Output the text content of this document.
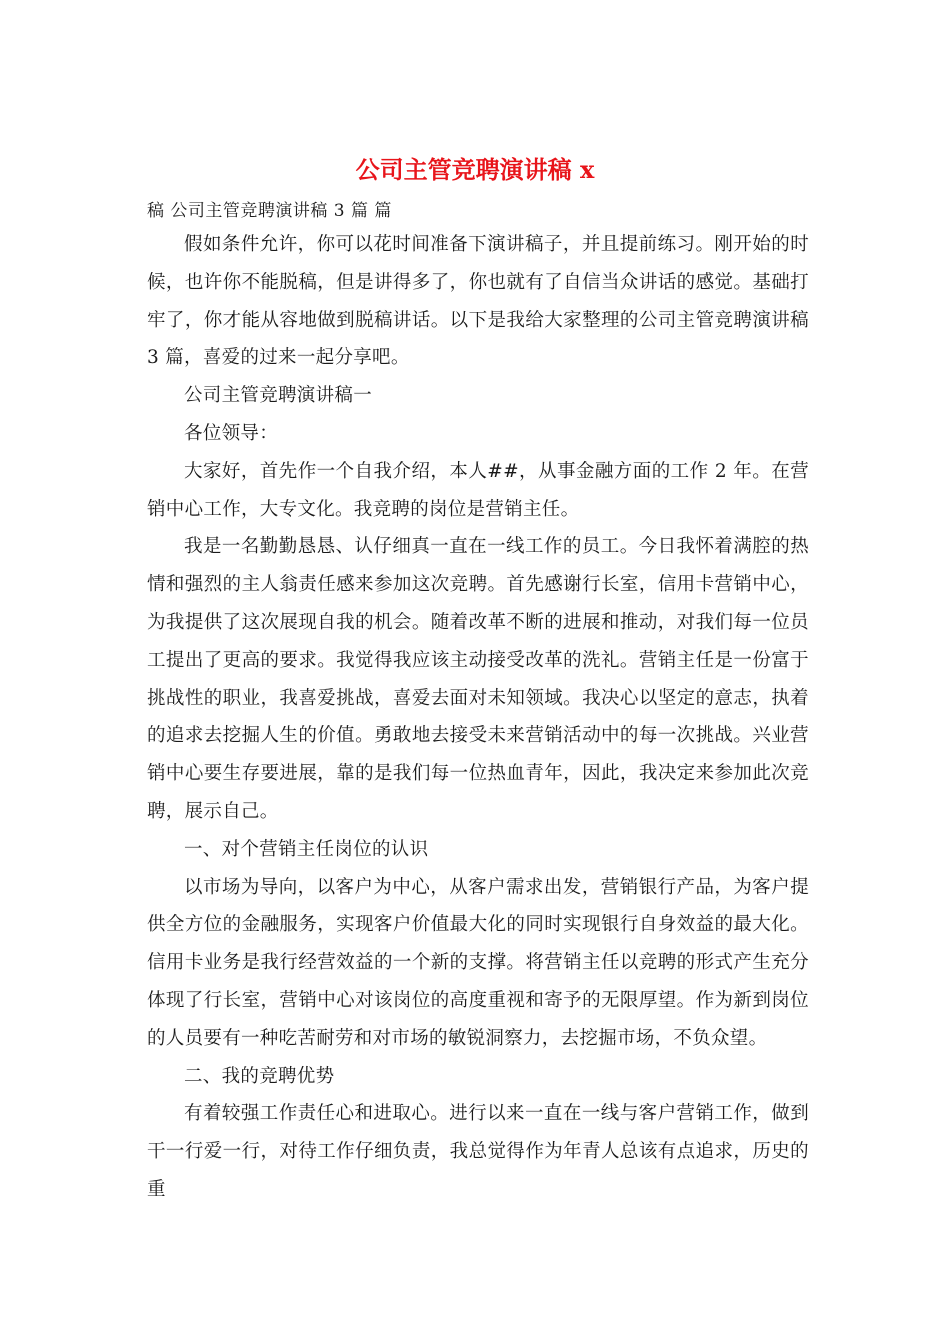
公司主管竞聘演讲稿 x
稿 公司主管竞聘演讲稿 3 篇 篇

假如条件允许，你可以花时间准备下演讲稿子，并且提前练习。刚开始的时候，也许你不能脱稿，但是讲得多了，你也就有了自信当众讲话的感觉。基础打牢了，你才能从容地做到脱稿讲话。以下是我给大家整理的公司主管竞聘演讲稿3 篇，喜爱的过来一起分享吧。

公司主管竞聘演讲稿一

各位领导：

大家好，首先作一个自我介绍，本人##，从事金融方面的工作 2 年。在营销中心工作，大专文化。我竞聘的岗位是营销主任。

我是一名勤勤恳恳、认仔细真一直在一线工作的员工。今日我怀着满腔的热情和强烈的主人翁责任感来参加这次竞聘。首先感谢行长室，信用卡营销中心，为我提供了这次展现自我的机会。随着改革不断的进展和推动，对我们每一位员工提出了更高的要求。我觉得我应该主动接受改革的洗礼。营销主任是一份富于挑战性的职业，我喜爱挑战，喜爱去面对未知领域。我决心以坚定的意志，执着的追求去挖掘人生的价值。勇敢地去接受未来营销活动中的每一次挑战。兴业营销中心要生存要进展，靠的是我们每一位热血青年，因此，我决定来参加此次竞聘，展示自己。

一、对个营销主任岗位的认识

以市场为导向，以客户为中心，从客户需求出发，营销银行产品，为客户提供全方位的金融服务，实现客户价值最大化的同时实现银行自身效益的最大化。信用卡业务是我行经营效益的一个新的支撑。将营销主任以竞聘的形式产生充分体现了行长室，营销中心对该岗位的高度重视和寄予的无限厚望。作为新到岗位的人员要有一种吃苦耐劳和对市场的敏锐洞察力，去挖掘市场，不负众望。

二、我的竞聘优势

有着较强工作责任心和进取心。进行以来一直在一线与客户营销工作，做到干一行爱一行，对待工作仔细负责，我总觉得作为年青人总该有点追求，历史的重
